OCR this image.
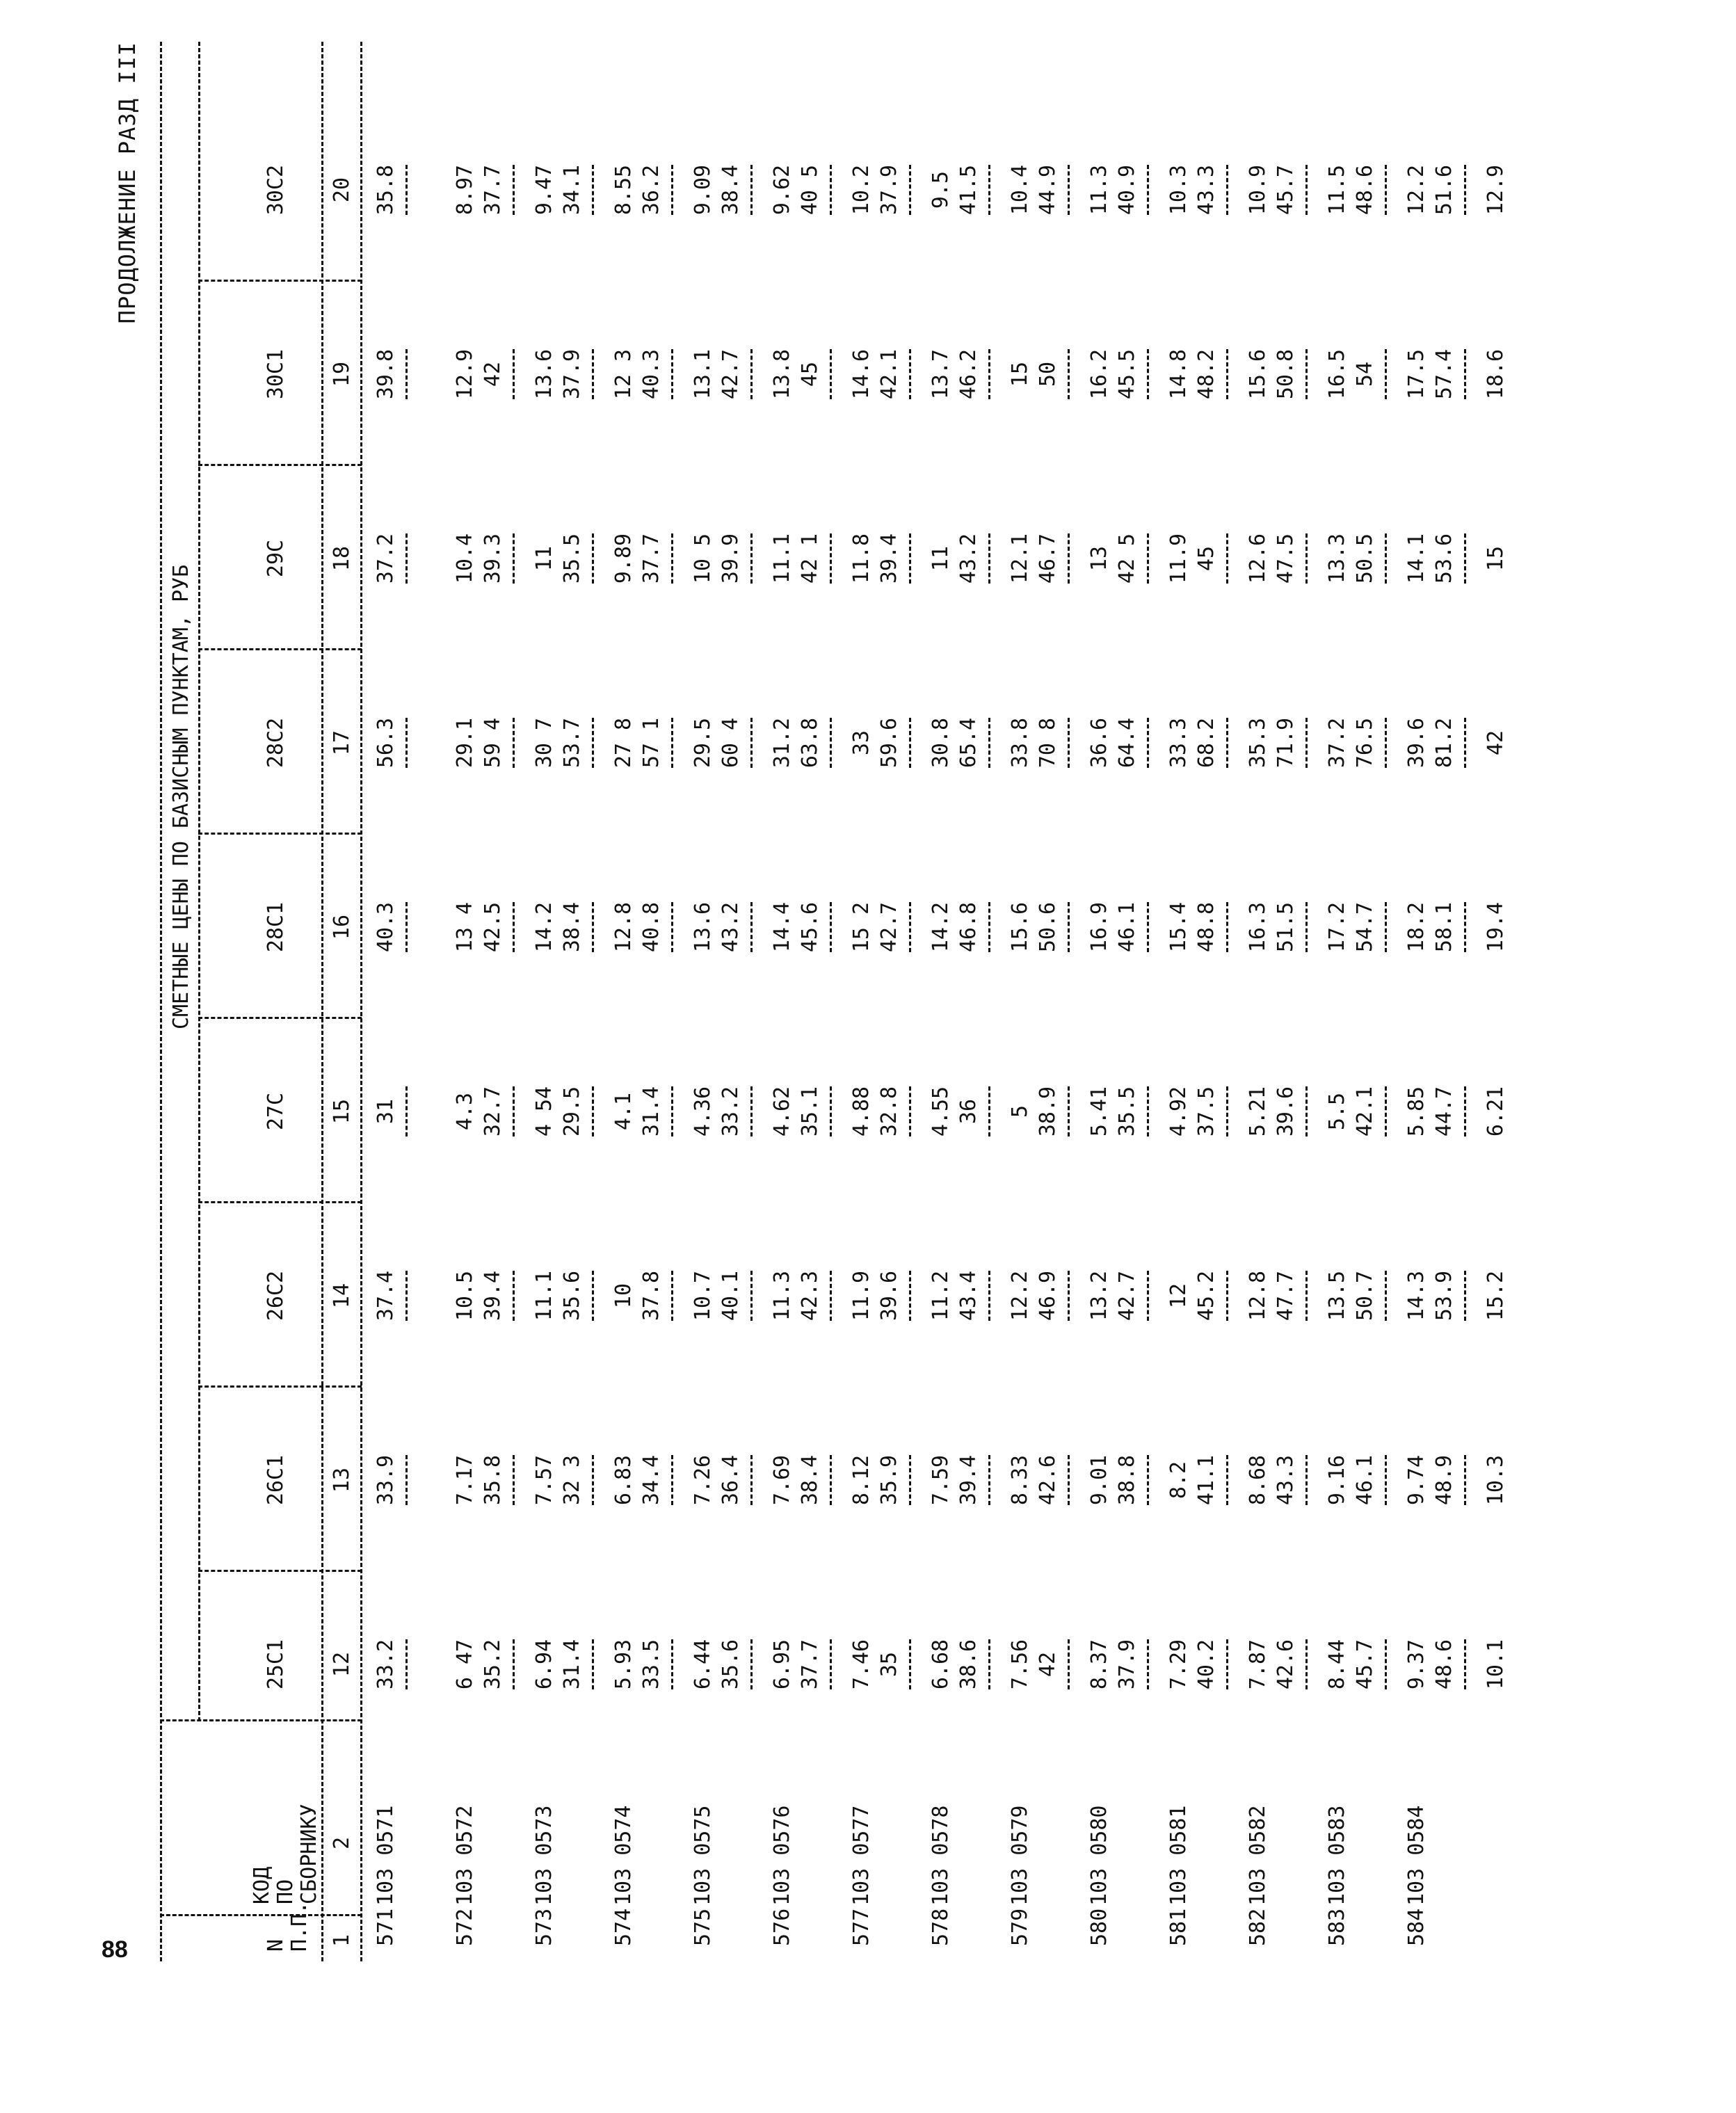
88
ПРОДОЛЖЕНИЕ РАЗД III
N П.П.
КОД ПО СБОРНИКУ
СМЕТНЫЕ ЦЕНЫ ПО БАЗИСНЫМ ПУНКТАМ, РУБ
25С1
26С1
26С2
27С
28С1
28С2
29С
30С1
30С2
1
2
12
13
14
15
16
17
18
19
20
571
103 0571
33.2
33.9
37.4
31
40.3
56.3
37.2
39.8
35.8
572
103 0572
6 47 35.2
7.17 35.8
10.5 39.4
4.3 32.7
13 4 42.5
29.1 59 4
10.4 39.3
12.9 42
8.97 37.7
573
103 0573
6.94 31.4
7.57 32 3
11.1 35.6
4 54 29.5
14.2 38.4
30 7 53.7
11 35.5
13.6 37.9
9.47 34.1
574
103 0574
5.93 33.5
6.83 34.4
10 37.8
4.1 31.4
12.8 40.8
27 8 57 1
9.89 37.7
12 3 40.3
8.55 36.2
575
103 0575
6.44 35.6
7.26 36.4
10.7 40.1
4.36 33.2
13.6 43.2
29.5 60 4
10 5 39.9
13.1 42.7
9.09 38.4
576
103 0576
6.95 37.7
7.69 38.4
11.3 42.3
4.62 35.1
14.4 45.6
31.2 63.8
11.1 42 1
13.8 45
9.62 40 5
577
103 0577
7.46 35
8.12 35.9
11.9 39.6
4.88 32.8
15 2 42.7
33 59.6
11.8 39.4
14.6 42.1
10.2 37.9
578
103 0578
6.68 38.6
7.59 39.4
11.2 43.4
4.55 36
14.2 46.8
30.8 65.4
11 43.2
13.7 46.2
9.5 41.5
579
103 0579
7.56 42
8.33 42.6
12.2 46.9
5 38.9
15.6 50.6
33.8 70 8
12.1 46.7
15 50
10.4 44.9
580
103 0580
8.37 37.9
9.01 38.8
13.2 42.7
5.41 35.5
16.9 46.1
36.6 64.4
13 42 5
16.2 45.5
11.3 40.9
581
103 0581
7.29 40.2
8.2 41.1
12 45.2
4.92 37.5
15.4 48.8
33.3 68.2
11.9 45
14.8 48.2
10.3 43.3
582
103 0582
7.87 42.6
8.68 43.3
12.8 47.7
5.21 39.6
16.3 51.5
35.3 71.9
12.6 47.5
15.6 50.8
10.9 45.7
583
103 0583
8.44 45.7
9.16 46.1
13.5 50.7
5.5 42.1
17.2 54.7
37.2 76.5
13.3 50.5
16.5 54
11.5 48.6
584
103 0584
9.37 48.6
9.74 48.9
14.3 53.9
5.85 44.7
18.2 58.1
39.6 81.2
14.1 53.6
17.5 57.4
12.2 51.6
10.1
10.3
15.2
6.21
19.4
42
15
18.6
12.9
